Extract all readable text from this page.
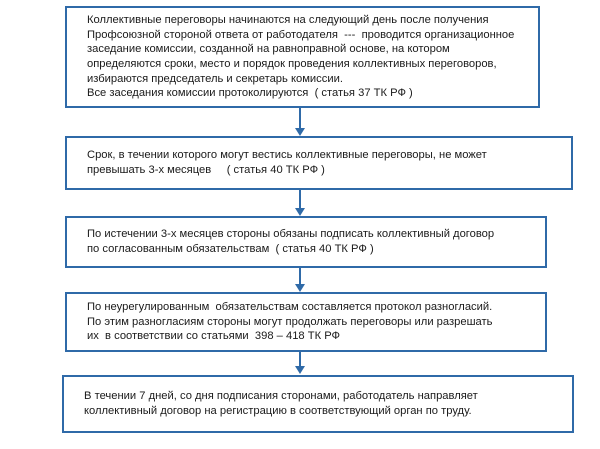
Коллективные переговоры начинаются на следующий день после получения
Профсоюзной стороной ответа от работодателя  ---  проводится организационное
заседание комиссии, созданной на равноправной основе, на котором
определяются сроки, место и порядок проведения коллективных переговоров,
избираются председатель и секретарь комиссии.
Все заседания комиссии протоколируются  ( статья 37 ТК РФ )
Срок, в течении которого могут вестись коллективные переговоры, не может
превышать 3-х месяцев     ( статья 40 ТК РФ )
По истечении 3-х месяцев стороны обязаны подписать коллективный договор
по согласованным обязательствам  ( статья 40 ТК РФ )
По неурегулированным  обязательствам составляется протокол разногласий.
По этим разногласиям стороны могут продолжать переговоры или разрешать
их  в соответствии со статьями  398 – 418 ТК РФ
В течении 7 дней, со дня подписания сторонами, работодатель направляет
коллективный договор на регистрацию в соответствующий орган по труду.
